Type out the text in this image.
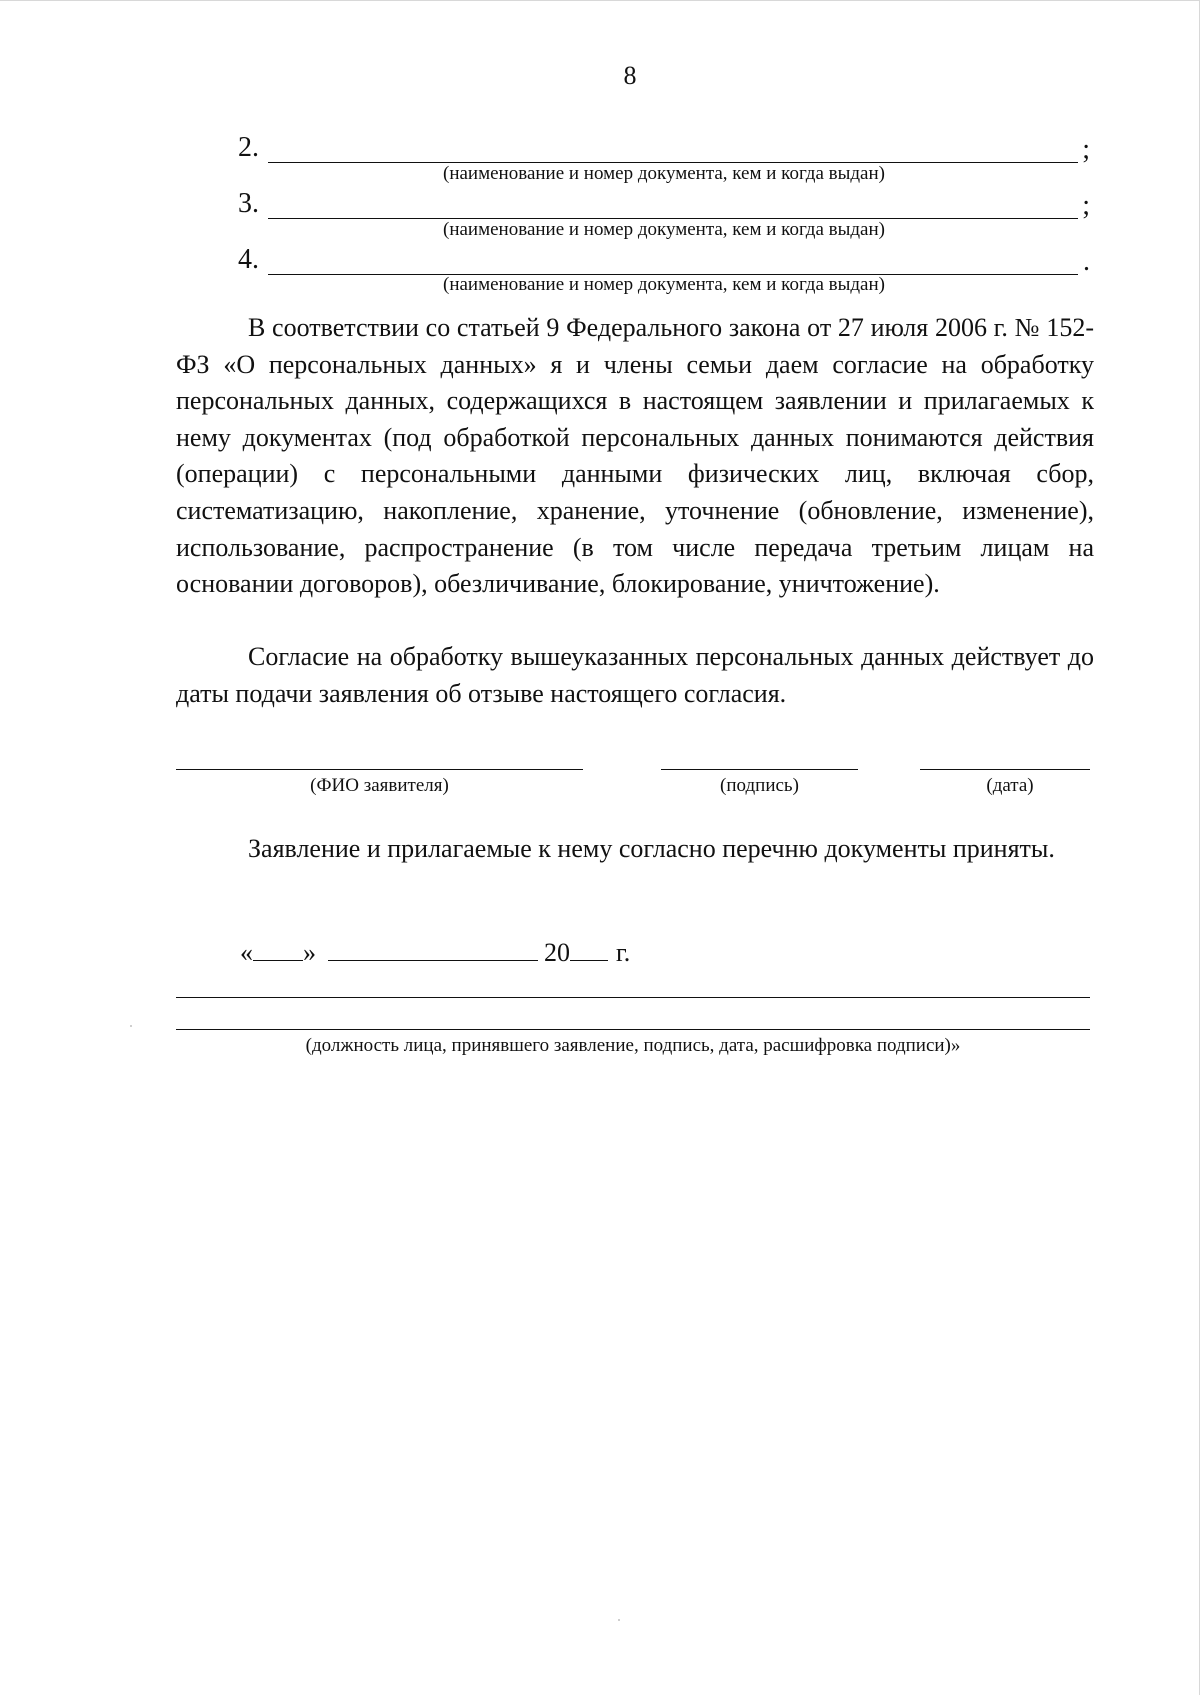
8
2.	;
(наименование и номер документа, кем и когда выдан)
3.	;
(наименование и номер документа, кем и когда выдан)
4.	.
(наименование и номер документа, кем и когда выдан)

В соответствии со статьей 9 Федерального закона от 27 июля 2006 г. № 152-ФЗ «О персональных данных» я и члены семьи даем согласие на обработку персональных данных, содержащихся в настоящем заявлении и прилагаемых к нему документах (под обработкой персональных данных понимаются действия (операции) с персональными данными физических лиц, включая сбор, систематизацию, накопление, хранение, уточнение (обновление, изменение), использование, распространение (в том числе передача третьим лицам на основании договоров), обезличивание, блокирование, уничтожение).

Согласие на обработку вышеуказанных персональных данных действует до даты подачи заявления об отзыве настоящего согласия.

(ФИО заявителя)	(подпись)	(дата)

Заявление и прилагаемые к нему согласно перечню документы приняты.

« »	20 г.
(должность лица, принявшего заявление, подпись, дата, расшифровка подписи)»
